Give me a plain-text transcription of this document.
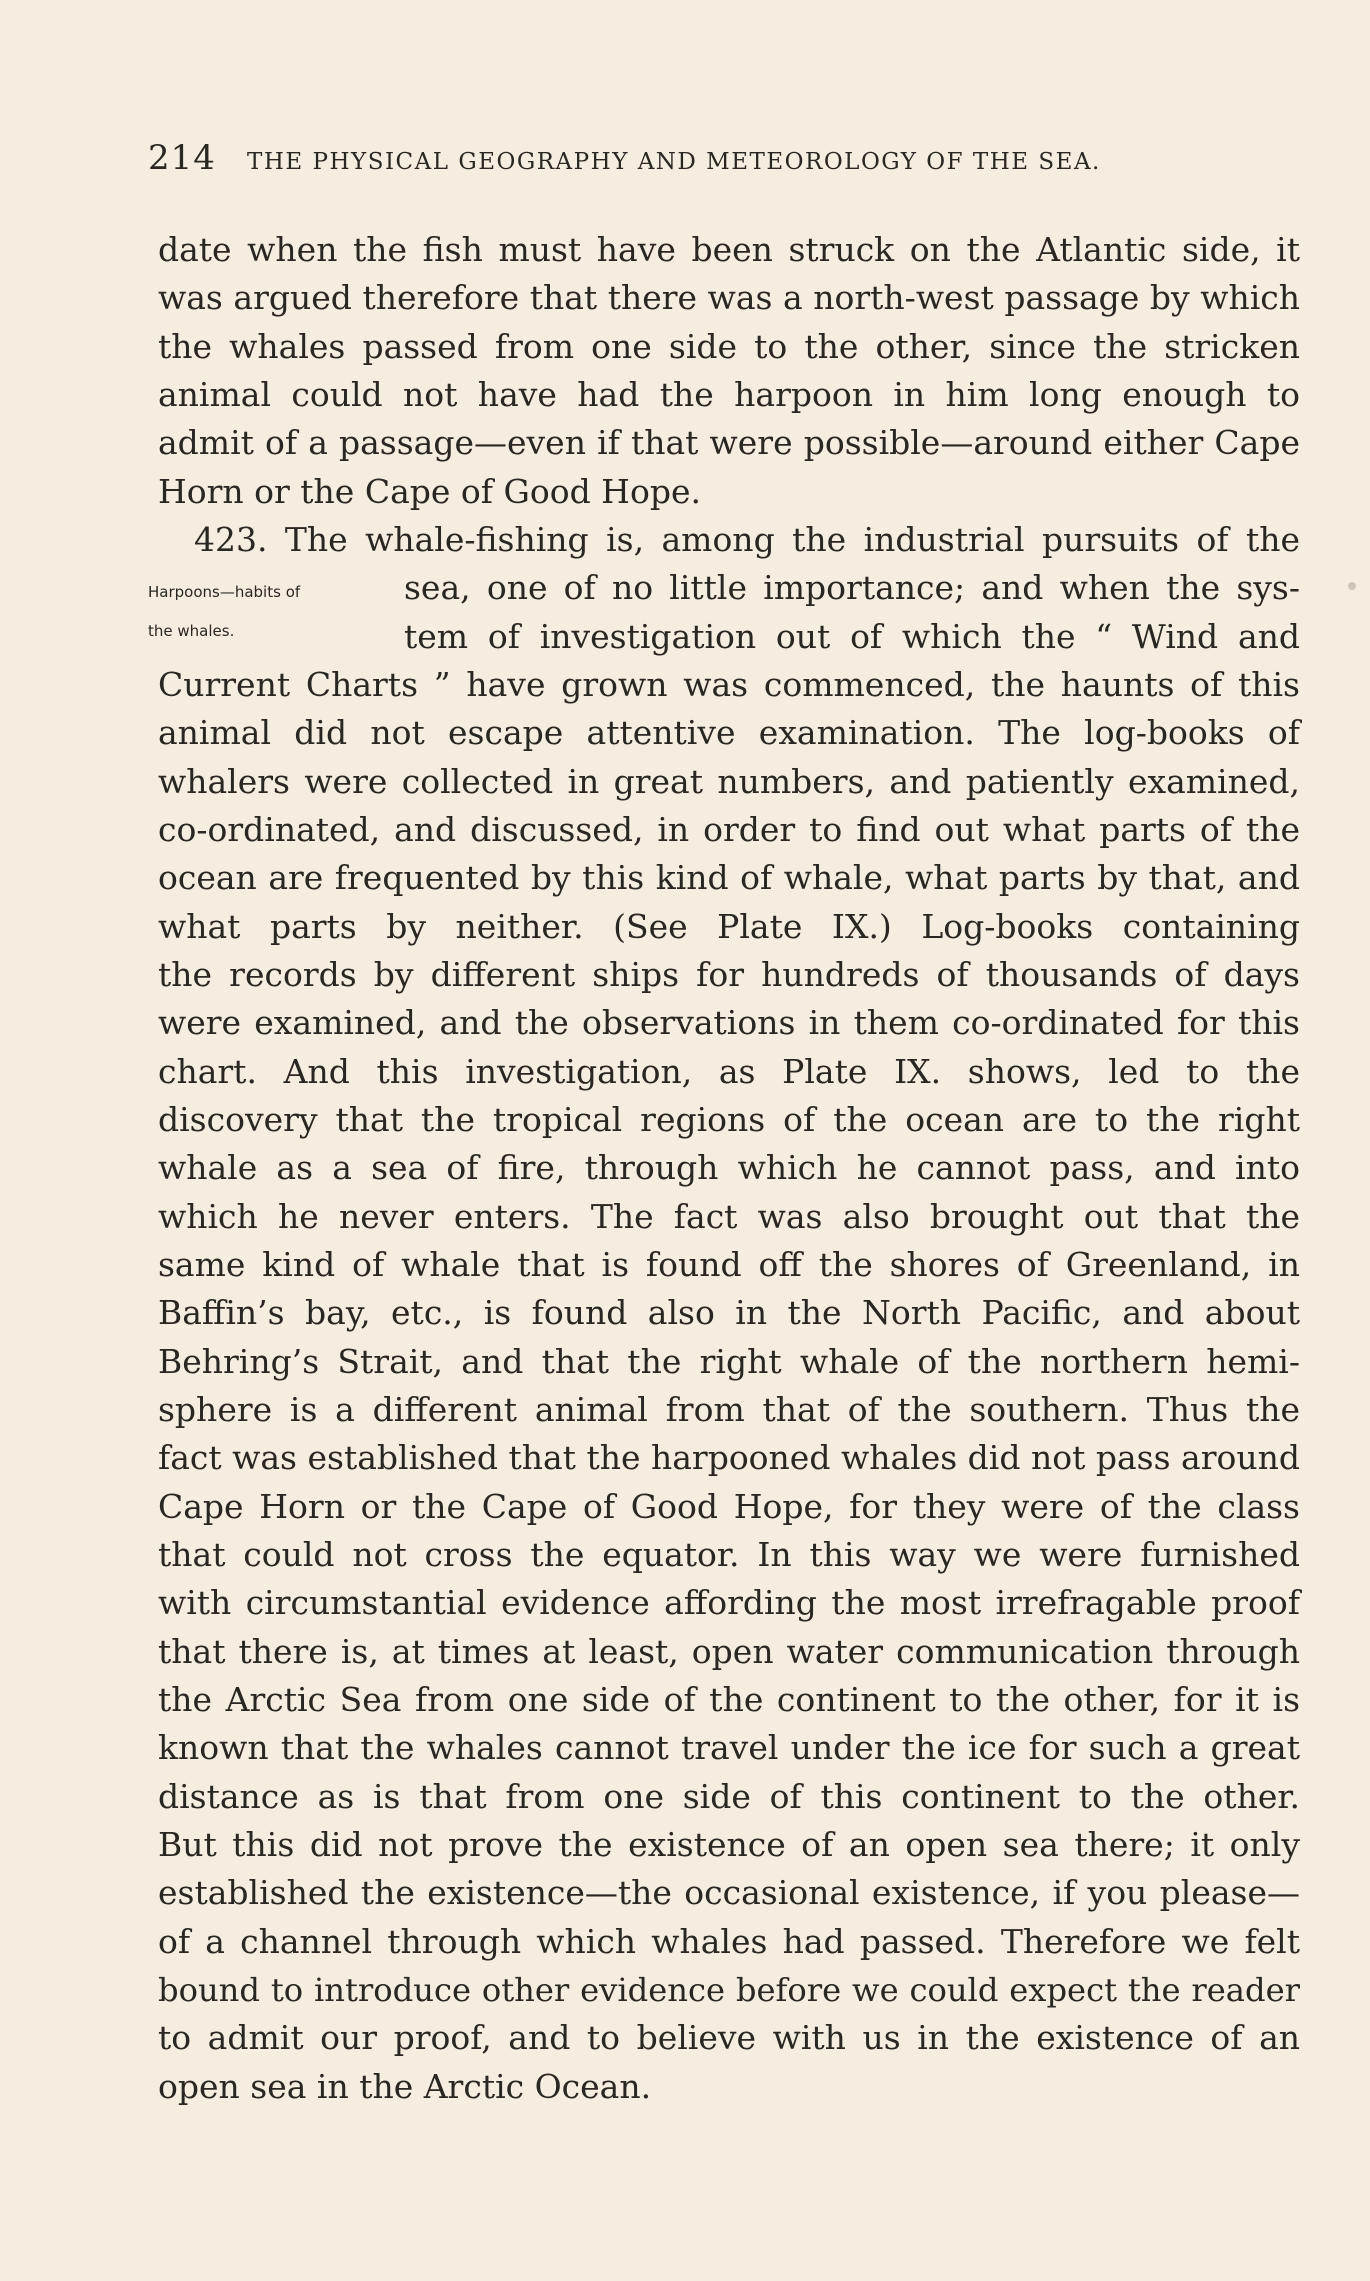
214 THE PHYSICAL GEOGRAPHY AND METEOROLOGY OF THE SEA.
Harpoons—habits of
the whales.
date when the fish must have been struck on the Atlantic side, it
was argued therefore that there was a north-west passage by which
the whales passed from one side to the other, since the stricken
animal could not have had the harpoon in him long enough to
admit of a passage—even if that were possible—around either Cape
Horn or the Cape of Good Hope.
423. The whale-fishing is, among the industrial pursuits of the
sea, one of no little importance; and when the sys-
tem of investigation out of which the “ Wind and
Current Charts ” have grown was commenced, the haunts of this
animal did not escape attentive examination. The log-books of
whalers were collected in great numbers, and patiently examined,
co-ordinated, and discussed, in order to find out what parts of the
ocean are frequented by this kind of whale, what parts by that, and
what parts by neither. (See Plate IX.) Log-books containing
the records by different ships for hundreds of thousands of days
were examined, and the observations in them co-ordinated for this
chart. And this investigation, as Plate IX. shows, led to the
discovery that the tropical regions of the ocean are to the right
whale as a sea of fire, through which he cannot pass, and into
which he never enters. The fact was also brought out that the
same kind of whale that is found off the shores of Greenland, in
Baffin’s bay, etc., is found also in the North Pacific, and about
Behring’s Strait, and that the right whale of the northern hemi-
sphere is a different animal from that of the southern. Thus the
fact was established that the harpooned whales did not pass around
Cape Horn or the Cape of Good Hope, for they were of the class
that could not cross the equator. In this way we were furnished
with circumstantial evidence affording the most irrefragable proof
that there is, at times at least, open water communication through
the Arctic Sea from one side of the continent to the other, for it is
known that the whales cannot travel under the ice for such a great
distance as is that from one side of this continent to the other.
But this did not prove the existence of an open sea there; it only
established the existence—the occasional existence, if you please—
of a channel through which whales had passed. Therefore we felt
bound to introduce other evidence before we could expect the reader
to admit our proof, and to believe with us in the existence of an
open sea in the Arctic Ocean.
